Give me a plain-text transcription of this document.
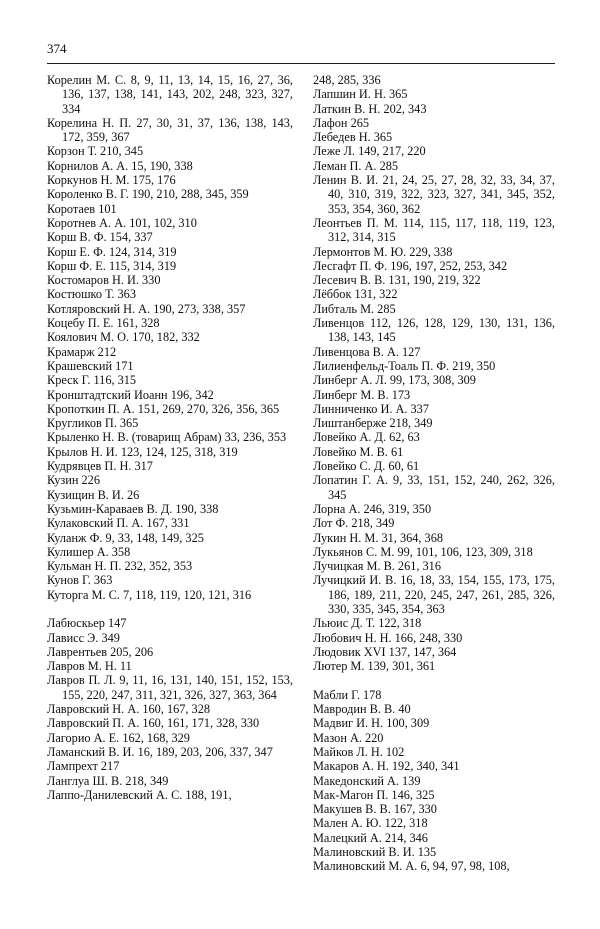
374
Корелин М. С. 8, 9, 11, 13, 14, 15, 16, 27, 36, 136, 137, 138, 141, 143, 202, 248, 323, 327, 334
Корелина Н. П. 27, 30, 31, 37, 136, 138, 143, 172, 359, 367
Корзон Т. 210, 345
Корнилов А. А. 15, 190, 338
Коркунов Н. М. 175, 176
Короленко В. Г. 190, 210, 288, 345, 359
Коротаев 101
Коротнев А. А. 101, 102, 310
Корш В. Ф. 154, 337
Корш Е. Ф. 124, 314, 319
Корш Ф. Е. 115, 314, 319
Костомаров Н. И. 330
Костюшко Т. 363
Котляровский Н. А. 190, 273, 338, 357
Коцебу П. Е. 161, 328
Коялович М. О. 170, 182, 332
Крамарж 212
Крашевский 171
Креск Г. 116, 315
Кронштадтский Иоанн 196, 342
Кропоткин П. А. 151, 269, 270, 326, 356, 365
Кругликов П. 365
Крыленко Н. В. (товарищ Абрам) 33, 236, 353
Крылов Н. И. 123, 124, 125, 318, 319
Кудрявцев П. Н. 317
Кузин 226
Кузищин В. И. 26
Кузьмин-Караваев В. Д. 190, 338
Кулаковский П. А. 167, 331
Куланж Ф. 9, 33, 148, 149, 325
Кулишер А. 358
Кульман Н. П. 232, 352, 353
Кунов Г. 363
Куторга М. С. 7, 118, 119, 120, 121, 316
Лабюскьер 147
Лависс Э. 349
Лаврентьев 205, 206
Лавров М. Н. 11
Лавров П. Л. 9, 11, 16, 131, 140, 151, 152, 153, 155, 220, 247, 311, 321, 326, 327, 363, 364
Лавровский Н. А. 160, 167, 328
Лавровский П. А. 160, 161, 171, 328, 330
Лагорио А. Е. 162, 168, 329
Ламанский В. И. 16, 189, 203, 206, 337, 347
Лампрехт 217
Ланглуа Ш. В. 218, 349
Лаппо-Данилевский А. С. 188, 191,
248, 285, 336
Лапшин И. Н. 365
Латкин В. Н. 202, 343
Лафон 265
Лебедев Н. 365
Леже Л. 149, 217, 220
Леман П. А. 285
Ленин В. И. 21, 24, 25, 27, 28, 32, 33, 34, 37, 40, 310, 319, 322, 323, 327, 341, 345, 352, 353, 354, 360, 362
Леонтьев П. М. 114, 115, 117, 118, 119, 123, 312, 314, 315
Лермонтов М. Ю. 229, 338
Лесгафт П. Ф. 196, 197, 252, 253, 342
Лесевич В. В. 131, 190, 219, 322
Лёббок 131, 322
Либталь М. 285
Ливенцов 112, 126, 128, 129, 130, 131, 136, 138, 143, 145
Ливенцова В. А. 127
Лилиенфельд-Тоаль П. Ф. 219, 350
Линберг А. Л. 99, 173, 308, 309
Линберг М. В. 173
Линниченко И. А. 337
Лиштанберже 218, 349
Ловейко А. Д. 62, 63
Ловейко М. В. 61
Ловейко С. Д. 60, 61
Лопатин Г. А. 9, 33, 151, 152, 240, 262, 326, 345
Лорна А. 246, 319, 350
Лот Ф. 218, 349
Лукин Н. М. 31, 364, 368
Лукьянов С. М. 99, 101, 106, 123, 309, 318
Лучицкая М. В. 261, 316
Лучицкий И. В. 16, 18, 33, 154, 155, 173, 175, 186, 189, 211, 220, 245, 247, 261, 285, 326, 330, 335, 345, 354, 363
Льюис Д. Т. 122, 318
Любович Н. Н. 166, 248, 330
Людовик XVI 137, 147, 364
Лютер М. 139, 301, 361
Мабли Г. 178
Мавродин В. В. 40
Мадвиг И. Н. 100, 309
Мазон А. 220
Майков Л. Н. 102
Макаров А. Н. 192, 340, 341
Македонский А. 139
Мак-Магон П. 146, 325
Макушев В. В. 167, 330
Мален А. Ю. 122, 318
Малецкий А. 214, 346
Малиновский В. И. 135
Малиновский М. А. 6, 94, 97, 98, 108,
